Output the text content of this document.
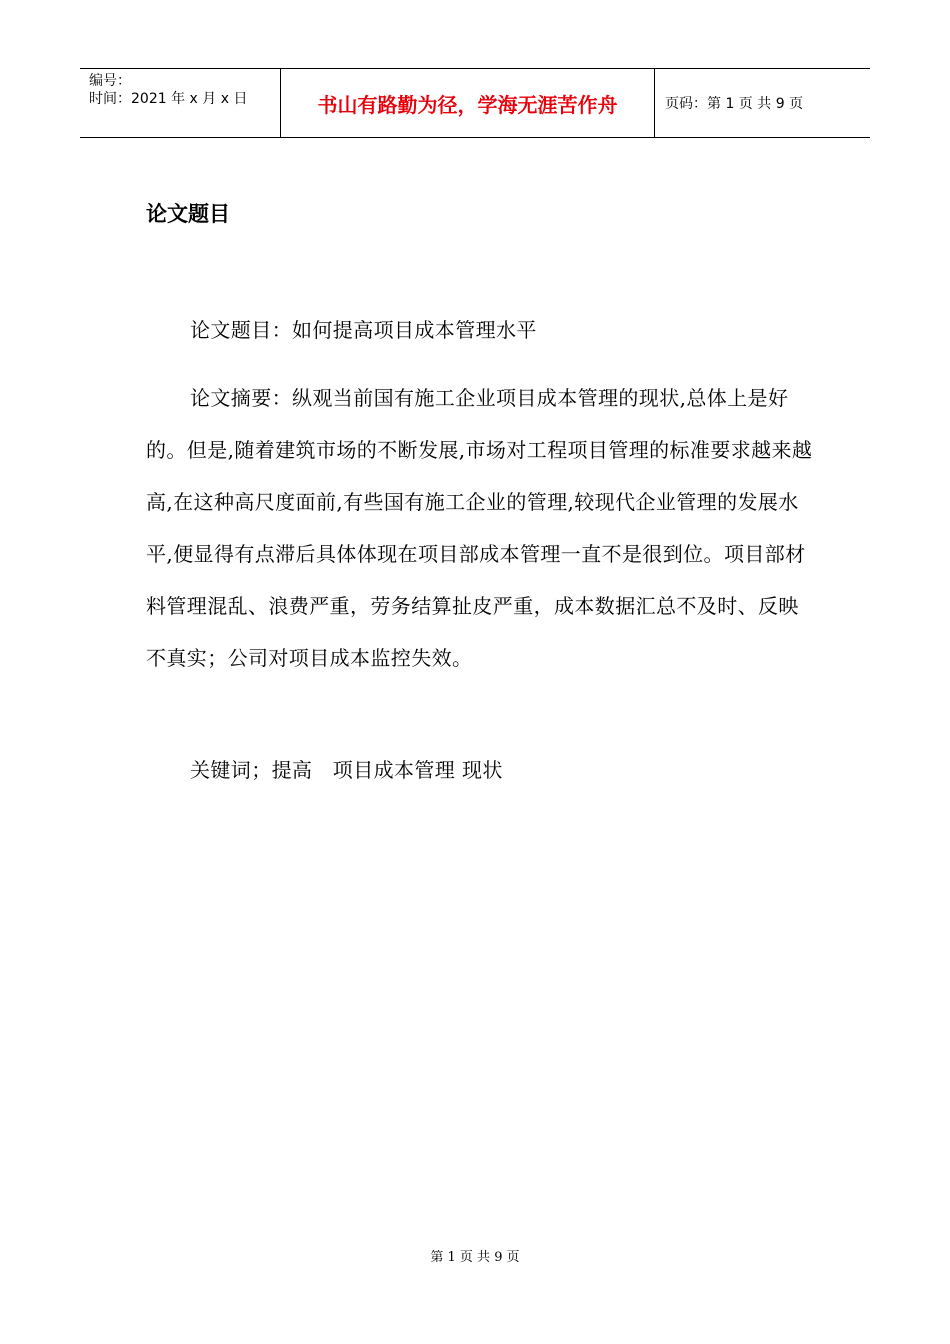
编号：
时间：2021 年 x 月 x 日	书山有路勤为径，学海无涯苦作舟	页码：第 1 页 共 9 页
论文题目

论文题目：如何提高项目成本管理水平

论文摘要：纵观当前国有施工企业项目成本管理的现状,总体上是好的。但是,随着建筑市场的不断发展,市场对工程项目管理的标准要求越来越高,在这种高尺度面前,有些国有施工企业的管理,较现代企业管理的发展水平,便显得有点滞后具体体现在项目部成本管理一直不是很到位。项目部材料管理混乱、浪费严重，劳务结算扯皮严重，成本数据汇总不及时、反映不真实；公司对项目成本监控失效。

关键词；提高　项目成本管理 现状

第 1 页 共 9 页
